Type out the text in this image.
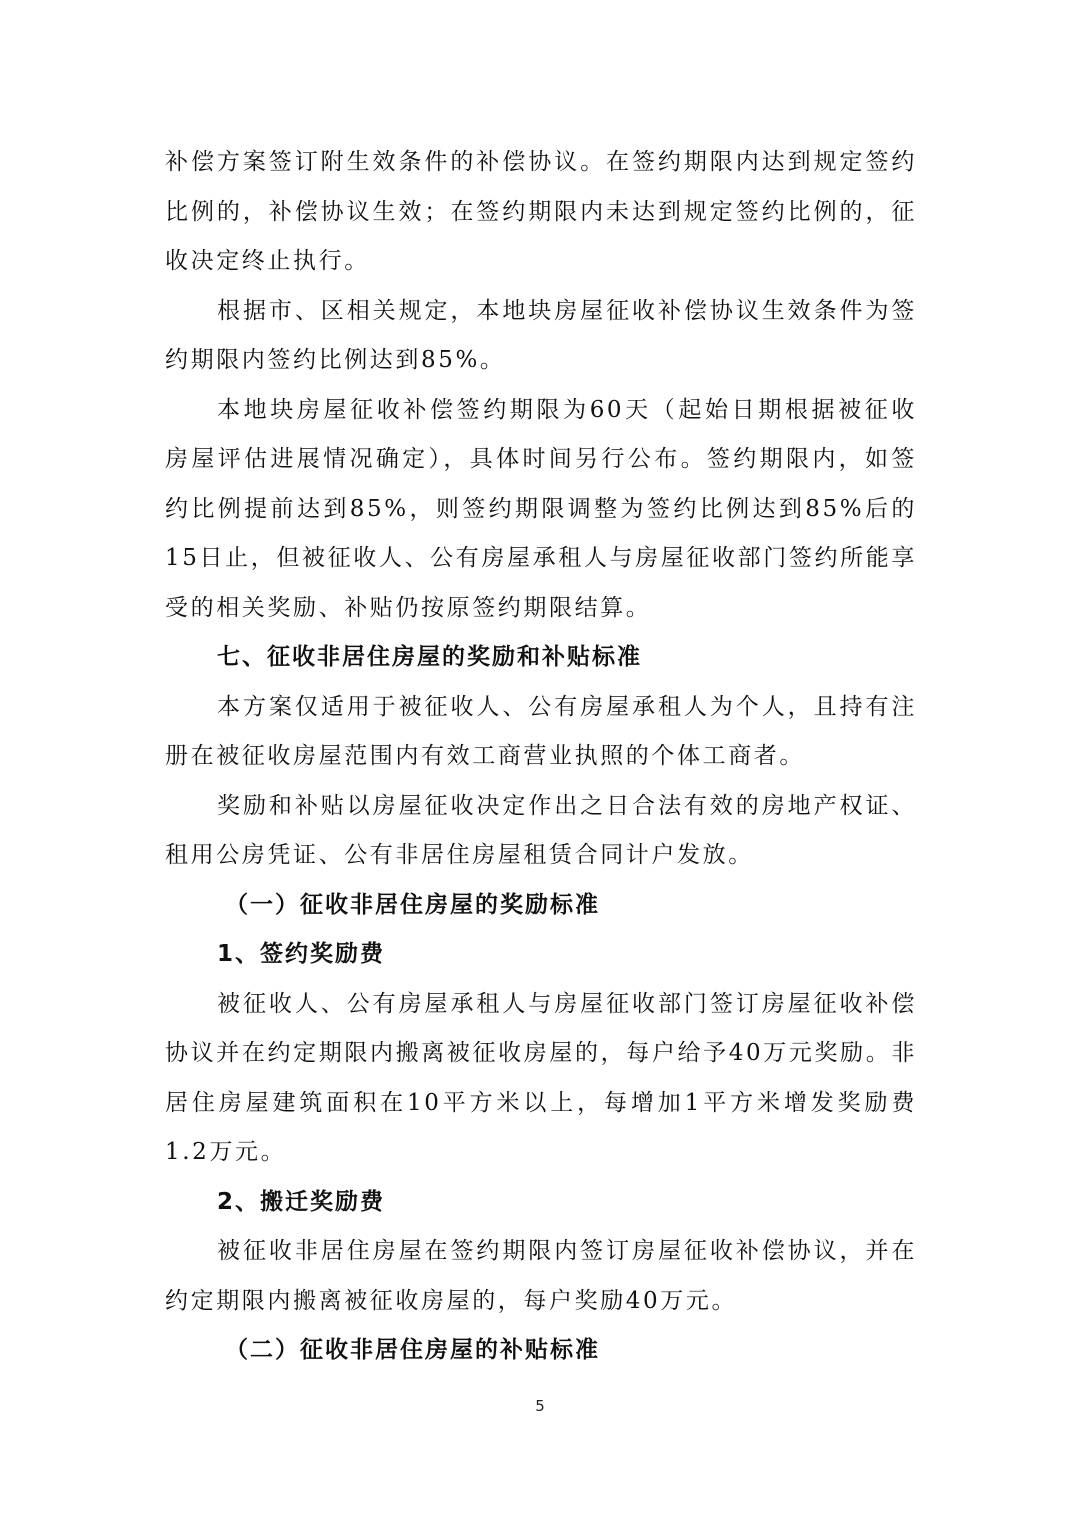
补偿方案签订附生效条件的补偿协议。在签约期限内达到规定签约比例的，补偿协议生效；在签约期限内未达到规定签约比例的，征收决定终止执行。

根据市、区相关规定，本地块房屋征收补偿协议生效条件为签约期限内签约比例达到85%。

本地块房屋征收补偿签约期限为60天（起始日期根据被征收房屋评估进展情况确定），具体时间另行公布。签约期限内，如签约比例提前达到85%，则签约期限调整为签约比例达到85%后的15日止，但被征收人、公有房屋承租人与房屋征收部门签约所能享受的相关奖励、补贴仍按原签约期限结算。

七、征收非居住房屋的奖励和补贴标准

本方案仅适用于被征收人、公有房屋承租人为个人，且持有注册在被征收房屋范围内有效工商营业执照的个体工商者。

奖励和补贴以房屋征收决定作出之日合法有效的房地产权证、租用公房凭证、公有非居住房屋租赁合同计户发放。

（一）征收非居住房屋的奖励标准

1、签约奖励费

被征收人、公有房屋承租人与房屋征收部门签订房屋征收补偿协议并在约定期限内搬离被征收房屋的，每户给予40万元奖励。非居住房屋建筑面积在10平方米以上，每增加1平方米增发奖励费1.2万元。

2、搬迁奖励费

被征收非居住房屋在签约期限内签订房屋征收补偿协议，并在约定期限内搬离被征收房屋的，每户奖励40万元。

（二）征收非居住房屋的补贴标准

5
